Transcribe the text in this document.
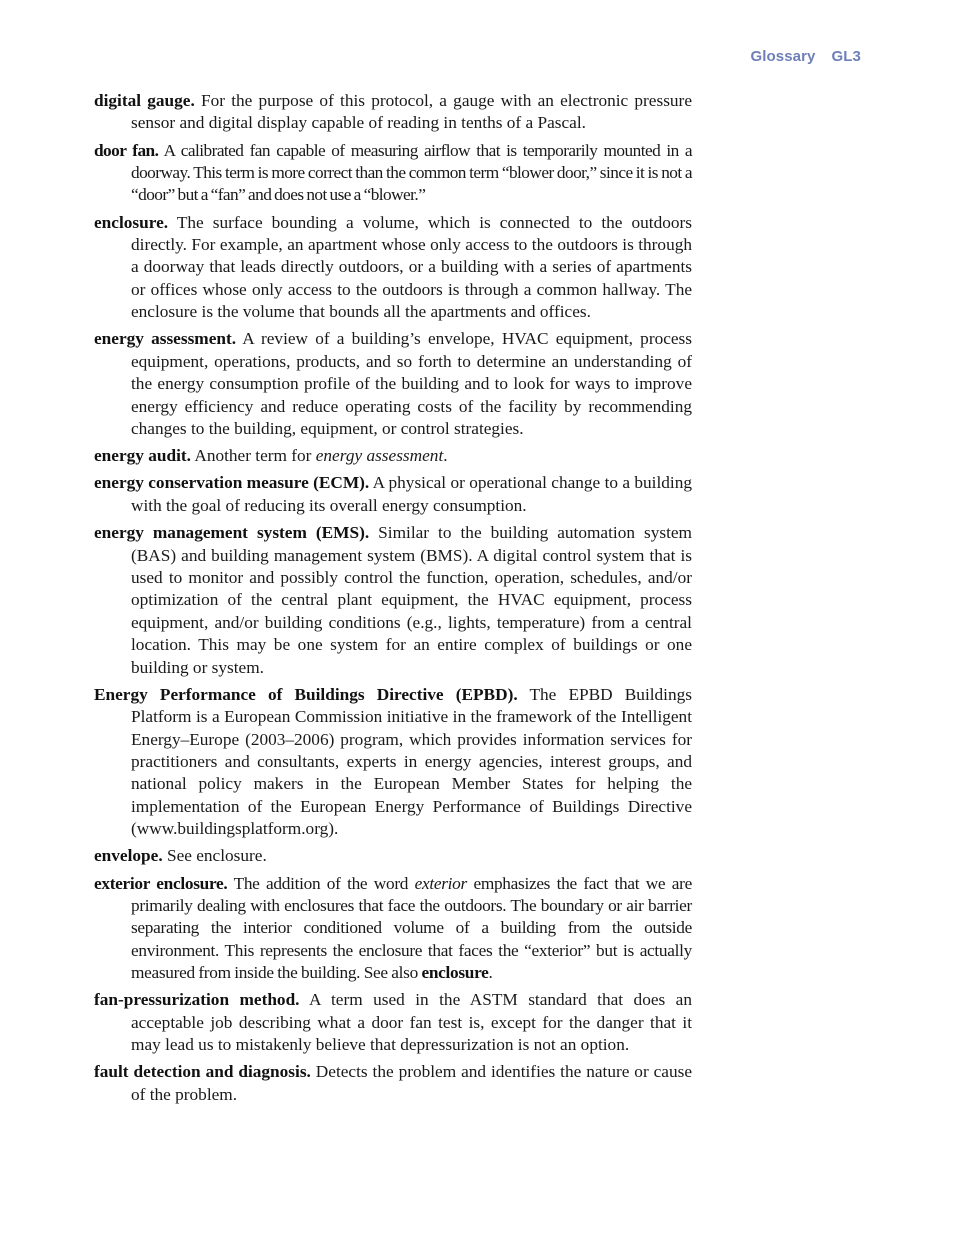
Glossary GL3

digital gauge. For the purpose of this protocol, a gauge with an electronic pressure sensor and digital display capable of reading in tenths of a Pascal.

door fan. A calibrated fan capable of measuring airflow that is temporarily mounted in a doorway. This term is more correct than the common term “blower door,” since it is not a “door” but a “fan” and does not use a “blower.”

enclosure. The surface bounding a volume, which is connected to the outdoors directly. For example, an apartment whose only access to the outdoors is through a doorway that leads directly outdoors, or a building with a series of apartments or offices whose only access to the outdoors is through a common hallway. The enclosure is the volume that bounds all the apartments and offices.

energy assessment. A review of a building’s envelope, HVAC equipment, process equipment, operations, products, and so forth to determine an understanding of the energy consumption profile of the building and to look for ways to improve energy efficiency and reduce operating costs of the facility by recommending changes to the building, equipment, or control strategies.

energy audit. Another term for energy assessment.

energy conservation measure (ECM). A physical or operational change to a building with the goal of reducing its overall energy consumption.

energy management system (EMS). Similar to the building automation system (BAS) and building management system (BMS). A digital control system that is used to monitor and possibly control the function, operation, schedules, and/or optimization of the central plant equipment, the HVAC equipment, process equipment, and/or building conditions (e.g., lights, temperature) from a central location. This may be one system for an entire complex of buildings or one building or system.

Energy Performance of Buildings Directive (EPBD). The EPBD Buildings Platform is a European Commission initiative in the framework of the Intelligent Energy–Europe (2003–2006) program, which provides information services for practitioners and consultants, experts in energy agencies, interest groups, and national policy makers in the European Member States for helping the implementation of the European Energy Performance of Buildings Directive (www.buildingsplatform.org).

envelope. See enclosure.

exterior enclosure. The addition of the word exterior emphasizes the fact that we are primarily dealing with enclosures that face the outdoors. The boundary or air barrier separating the interior conditioned volume of a building from the outside environment. This represents the enclosure that faces the “exterior” but is actually measured from inside the building. See also enclosure.

fan-pressurization method. A term used in the ASTM standard that does an acceptable job describing what a door fan test is, except for the danger that it may lead us to mistakenly believe that depressurization is not an option.

fault detection and diagnosis. Detects the problem and identifies the nature or cause of the problem.
